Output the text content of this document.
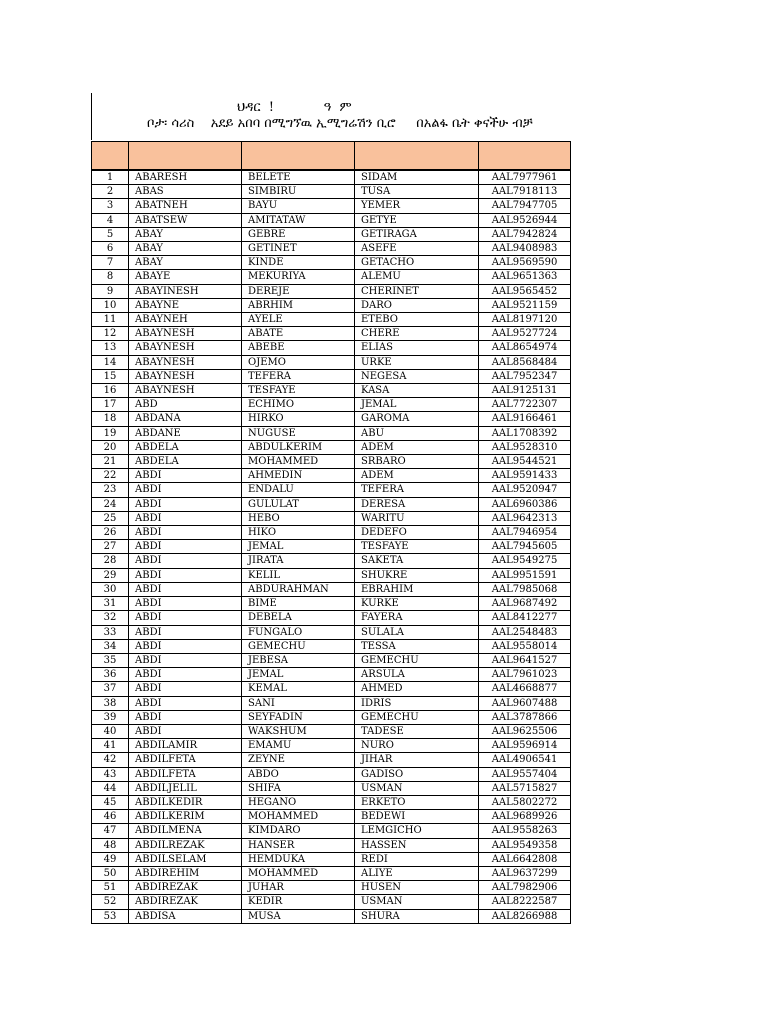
ህዳር  !            ዓ  ም
ቦታ፡ ሳሪስ    አደይ አበባ በሚግኘዉ ኢሚግሬሽን ቢሮ     በአልፋ ቤት ቀናችሁ ብቻ

1	ABARESH	BELETE	SIDAM	AAL7977961
2	ABAS	SIMBIRU	TUSA	AAL7918113
3	ABATNEH	BAYU	YEMER	AAL7947705
4	ABATSEW	AMITATAW	GETYE	AAL9526944
5	ABAY	GEBRE	GETIRAGA	AAL7942824
6	ABAY	GETINET	ASEFE	AAL9408983
7	ABAY	KINDE	GETACHO	AAL9569590
8	ABAYE	MEKURIYA	ALEMU	AAL9651363
9	ABAYINESH	DEREJE	CHERINET	AAL9565452
10	ABAYNE	ABRHIM	DARO	AAL9521159
11	ABAYNEH	AYELE	ETEBO	AAL8197120
12	ABAYNESH	ABATE	CHERE	AAL9527724
13	ABAYNESH	ABEBE	ELIAS	AAL8654974
14	ABAYNESH	OJEMO	URKE	AAL8568484
15	ABAYNESH	TEFERA	NEGESA	AAL7952347
16	ABAYNESH	TESFAYE	KASA	AAL9125131
17	ABD	ECHIMO	JEMAL	AAL7722307
18	ABDANA	HIRKO	GAROMA	AAL9166461
19	ABDANE	NUGUSE	ABU	AAL1708392
20	ABDELA	ABDULKERIM	ADEM	AAL9528310
21	ABDELA	MOHAMMED	SRBARO	AAL9544521
22	ABDI	AHMEDIN	ADEM	AAL9591433
23	ABDI	ENDALU	TEFERA	AAL9520947
24	ABDI	GULULAT	DERESA	AAL6960386
25	ABDI	HEBO	WARITU	AAL9642313
26	ABDI	HIKO	DEDEFO	AAL7946954
27	ABDI	JEMAL	TESFAYE	AAL7945605
28	ABDI	JIRATA	SAKETA	AAL9549275
29	ABDI	KELIL	SHUKRE	AAL9951591
30	ABDI	ABDURAHMAN	EBRAHIM	AAL7985068
31	ABDI	BIME	KURKE	AAL9687492
32	ABDI	DEBELA	FAYERA	AAL8412277
33	ABDI	FUNGALO	SULALA	AAL2548483
34	ABDI	GEMECHU	TESSA	AAL9558014
35	ABDI	JEBESA	GEMECHU	AAL9641527
36	ABDI	JEMAL	ARSULA	AAL7961023
37	ABDI	KEMAL	AHMED	AAL4668877
38	ABDI	SANI	IDRIS	AAL9607488
39	ABDI	SEYFADIN	GEMECHU	AAL3787866
40	ABDI	WAKSHUM	TADESE	AAL9625506
41	ABDILAMIR	EMAMU	NURO	AAL9596914
42	ABDILFETA	ZEYNE	JIHAR	AAL4906541
43	ABDILFETA	ABDO	GADISO	AAL9557404
44	ABDILJELIL	SHIFA	USMAN	AAL5715827
45	ABDILKEDIR	HEGANO	ERKETO	AAL5802272
46	ABDILKERIM	MOHAMMED	BEDEWI	AAL9689926
47	ABDILMENA	KIMDARO	LEMGICHO	AAL9558263
48	ABDILREZAK	HANSER	HASSEN	AAL9549358
49	ABDILSELAM	HEMDUKA	REDI	AAL6642808
50	ABDIREHIM	MOHAMMED	ALIYE	AAL9637299
51	ABDIREZAK	JUHAR	HUSEN	AAL7982906
52	ABDIREZAK	KEDIR	USMAN	AAL8222587
53	ABDISA	MUSA	SHURA	AAL8266988
